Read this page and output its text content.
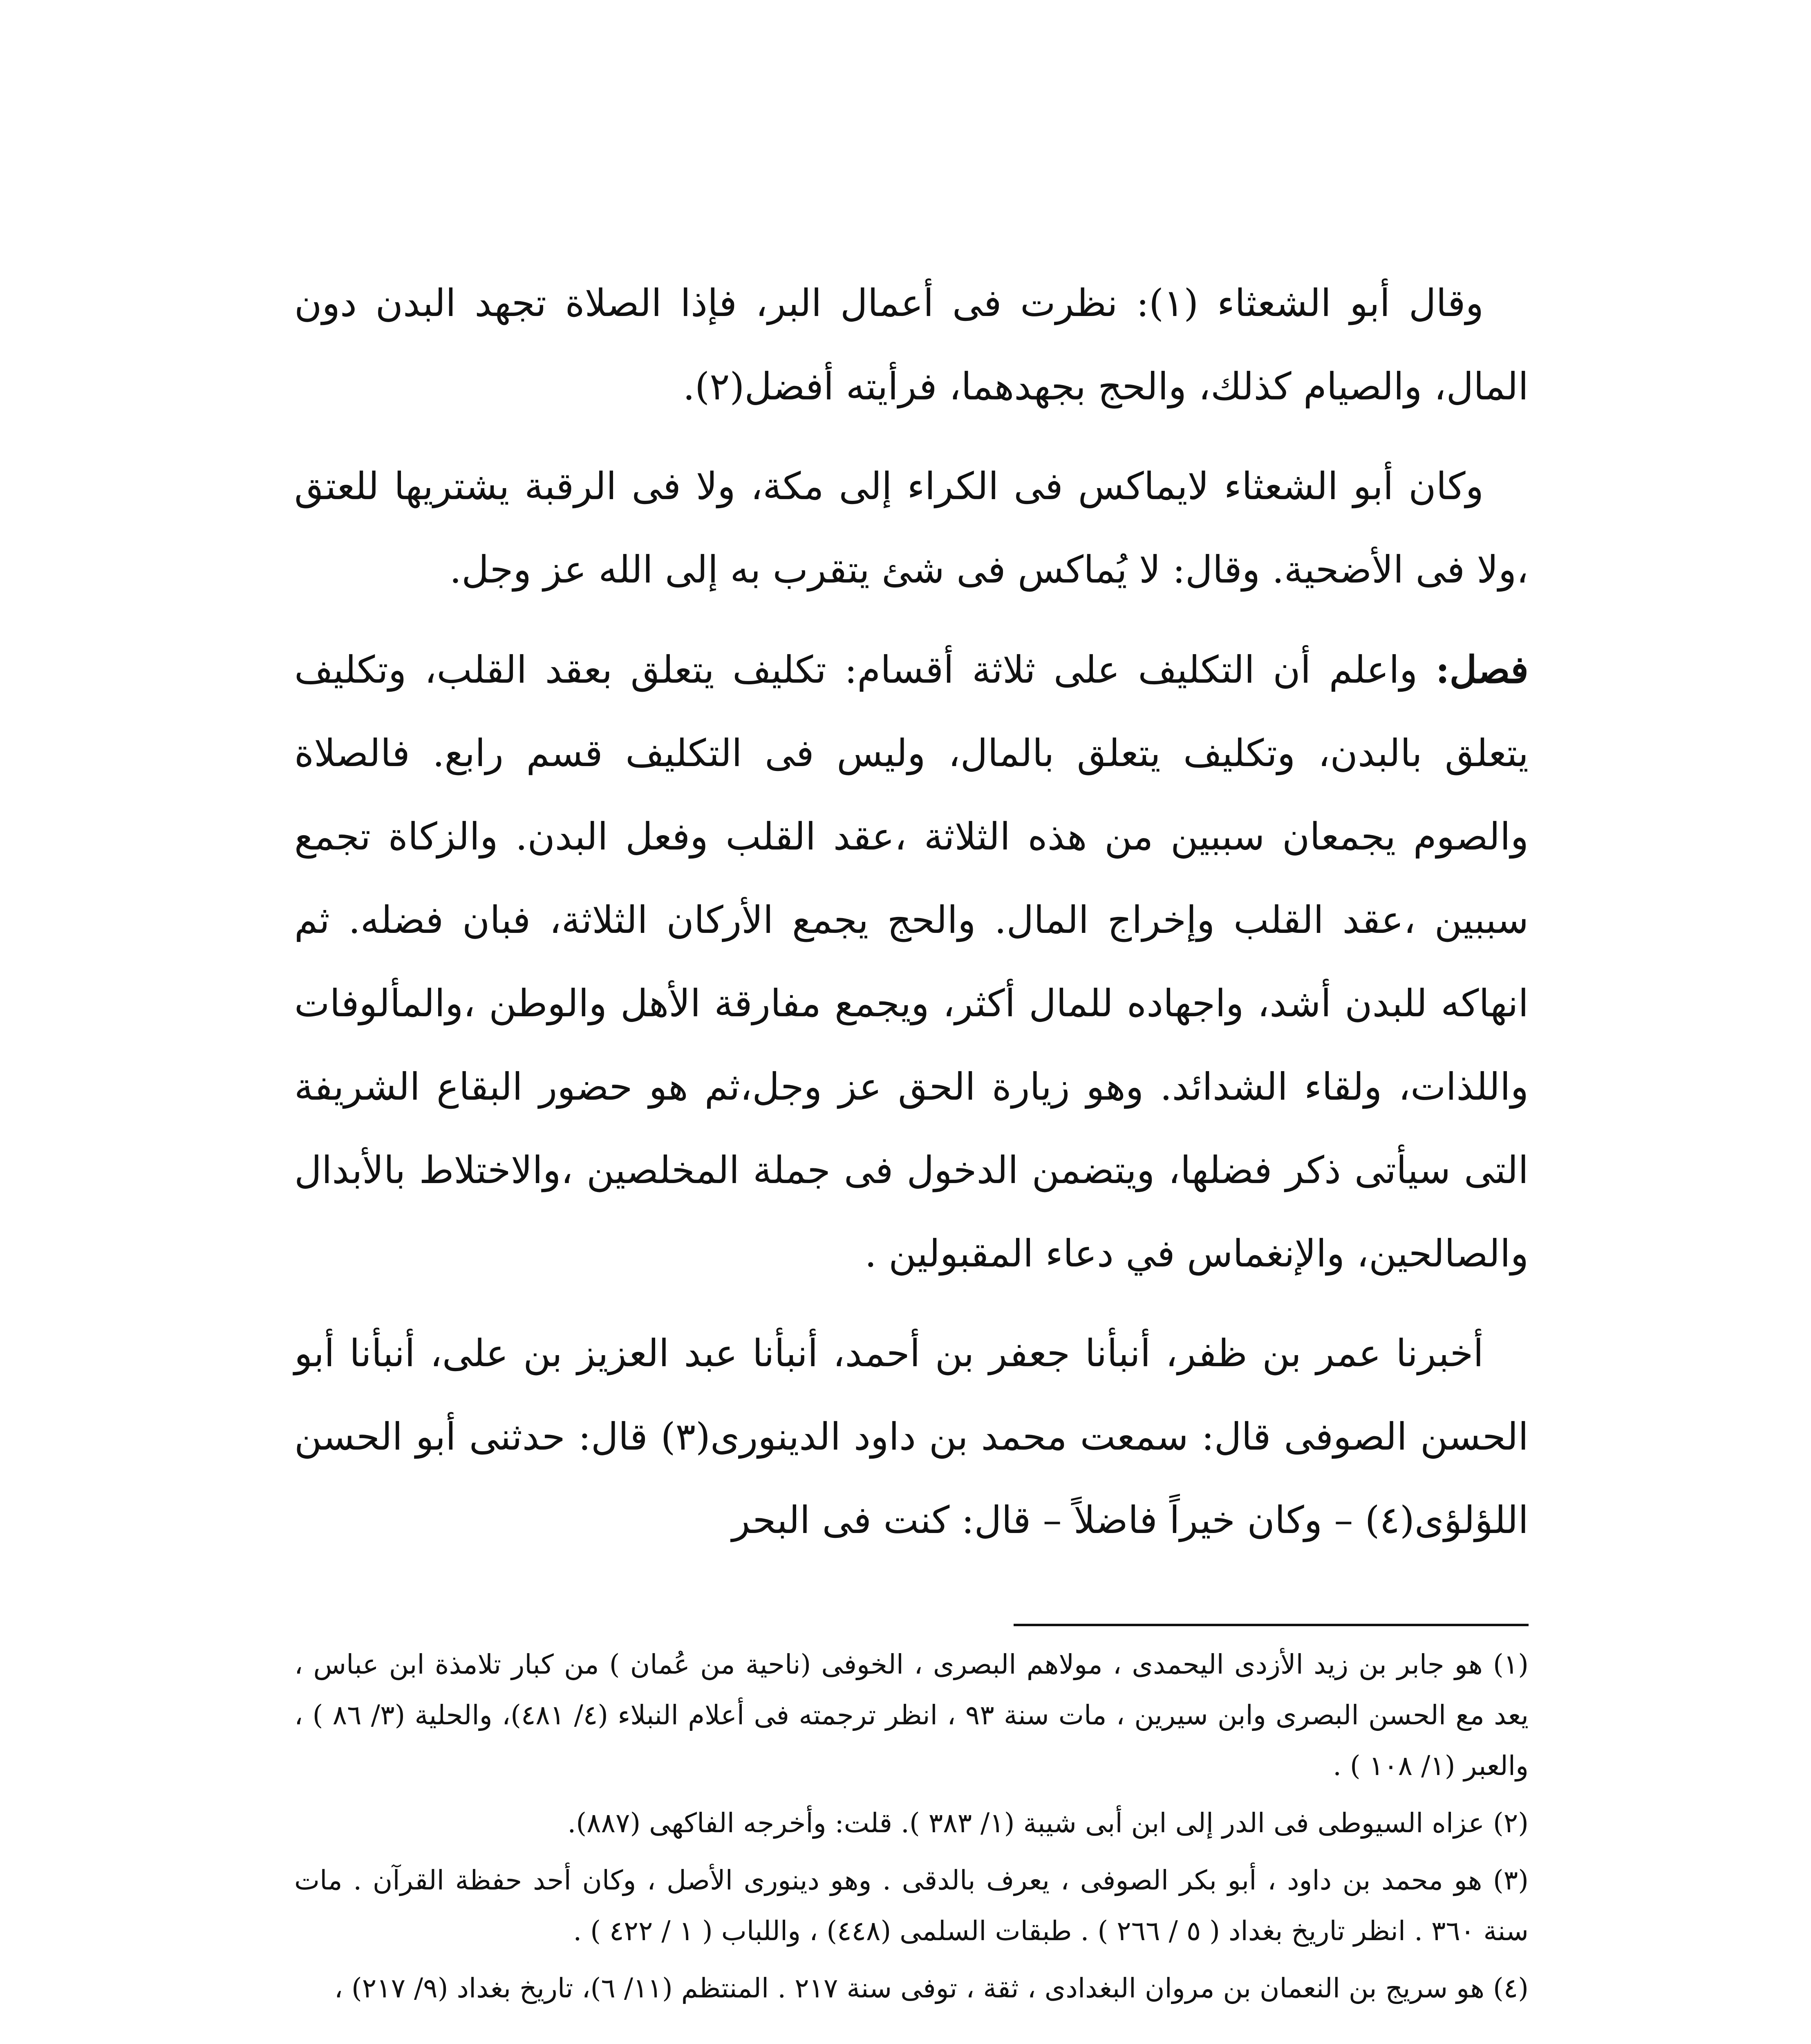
وقال أبو الشعثاء (١): نظرت فى أعمال البر، فإذا الصلاة تجهد البدن دون المال، والصيام كذلك، والحج بجهدهما، فرأيته أفضل(٢).

وكان أبو الشعثاء لايماكس فى الكراء إلى مكة، ولا فى الرقبة يشتريها للعتق ،ولا فى الأضحية. وقال: لا يُماكس فى شئ يتقرب به إلى الله عز وجل.

فصل: واعلم أن التكليف على ثلاثة أقسام: تكليف يتعلق بعقد القلب، وتكليف يتعلق بالبدن، وتكليف يتعلق بالمال، وليس فى التكليف قسم رابع. فالصلاة والصوم يجمعان سببين من هذه الثلاثة ،عقد القلب وفعل البدن. والزكاة تجمع سببين ،عقد القلب وإخراج المال. والحج يجمع الأركان الثلاثة، فبان فضله. ثم انهاكه للبدن أشد، واجهاده للمال أكثر، ويجمع مفارقة الأهل والوطن ،والمألوفات واللذات، ولقاء الشدائد. وهو زيارة الحق عز وجل،ثم هو حضور البقاع الشريفة التى سيأتى ذكر فضلها، ويتضمن الدخول فى جملة المخلصين ،والاختلاط بالأبدال والصالحين، والإنغماس في دعاء المقبولين .

أخبرنا عمر بن ظفر، أنبأنا جعفر بن أحمد، أنبأنا عبد العزيز بن على، أنبأنا أبو الحسن الصوفى قال: سمعت محمد بن داود الدينورى(٣) قال: حدثنى أبو الحسن اللؤلؤى(٤) – وكان خيراً فاضلاً – قال: كنت فى البحر

(١) هو جابر بن زيد الأزدى اليحمدى ، مولاهم البصرى ، الخوفى (ناحية من عُمان ) من كبار تلامذة ابن عباس ، يعد مع الحسن البصرى وابن سيرين ، مات سنة ٩٣ ، انظر ترجمته فى أعلام النبلاء (٤/ ٤٨١)، والحلية (٣/ ٨٦ ) ، والعبر (١/ ١٠٨ ) .
(٢) عزاه السيوطى فى الدر إلى ابن أبى شيبة (١/ ٣٨٣ ). قلت: وأخرجه الفاكهى (٨٨٧).
(٣) هو محمد بن داود ، أبو بكر الصوفى ، يعرف بالدقى . وهو دينورى الأصل ، وكان أحد حفظة القرآن . مات سنة ٣٦٠ . انظر تاريخ بغداد ( ٥ / ٢٦٦ ) . طبقات السلمى (٤٤٨) ، واللباب ( ١ / ٤٢٢ ) .
(٤) هو سريج بن النعمان بن مروان البغدادى ، ثقة ، توفى سنة ٢١٧ . المنتظم (١١/ ٦)، تاريخ بغداد (٩/ ٢١٧) ،
